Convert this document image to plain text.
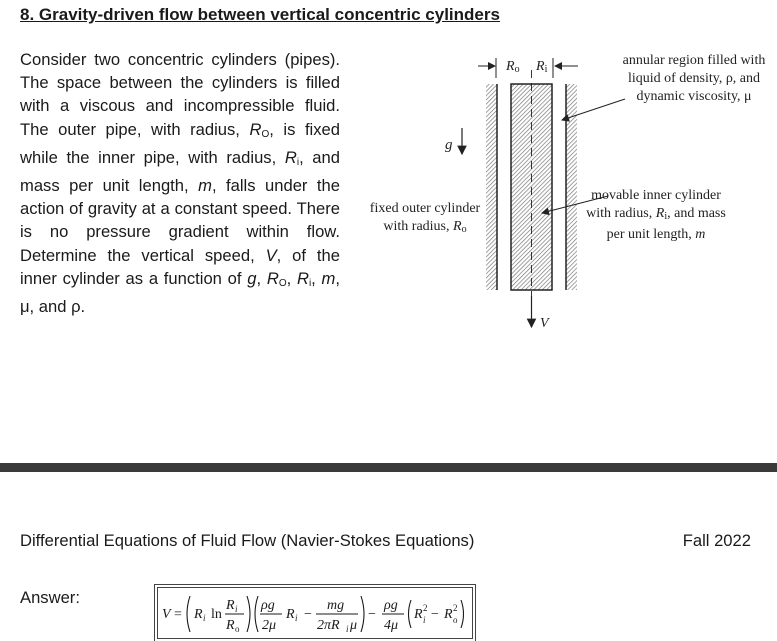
8. Gravity-driven flow between vertical concentric cylinders

Consider two concentric cylinders (pipes). The space between the cylinders is filled with a viscous and incompressible fluid. The outer pipe, with radius, $R_O$, is fixed while the inner pipe, with radius, $R_i$, and mass per unit length, m, falls under the action of gravity at a constant speed. There is no pressure gradient within flow. Determine the vertical speed, V, of the inner cylinder as a function of g, $R_O$, $R_i$, m, μ, and ρ.

g
$R_o$ $R_i$
V
annular region filled with liquid of density, ρ, and dynamic viscosity, μ
fixed outer cylinder
with radius, $R_o$
movable inner cylinder with radius, $R_i$, and mass per unit length, m
Differential Equations of Fluid Flow (Navier-Stokes Equations)	Fall 2022
Answer:
V = R i ln
R i
R o
ρg
2μ
R i −
mg
2πR i μ
−
ρg
4μ
R 2
i − R 2
o
